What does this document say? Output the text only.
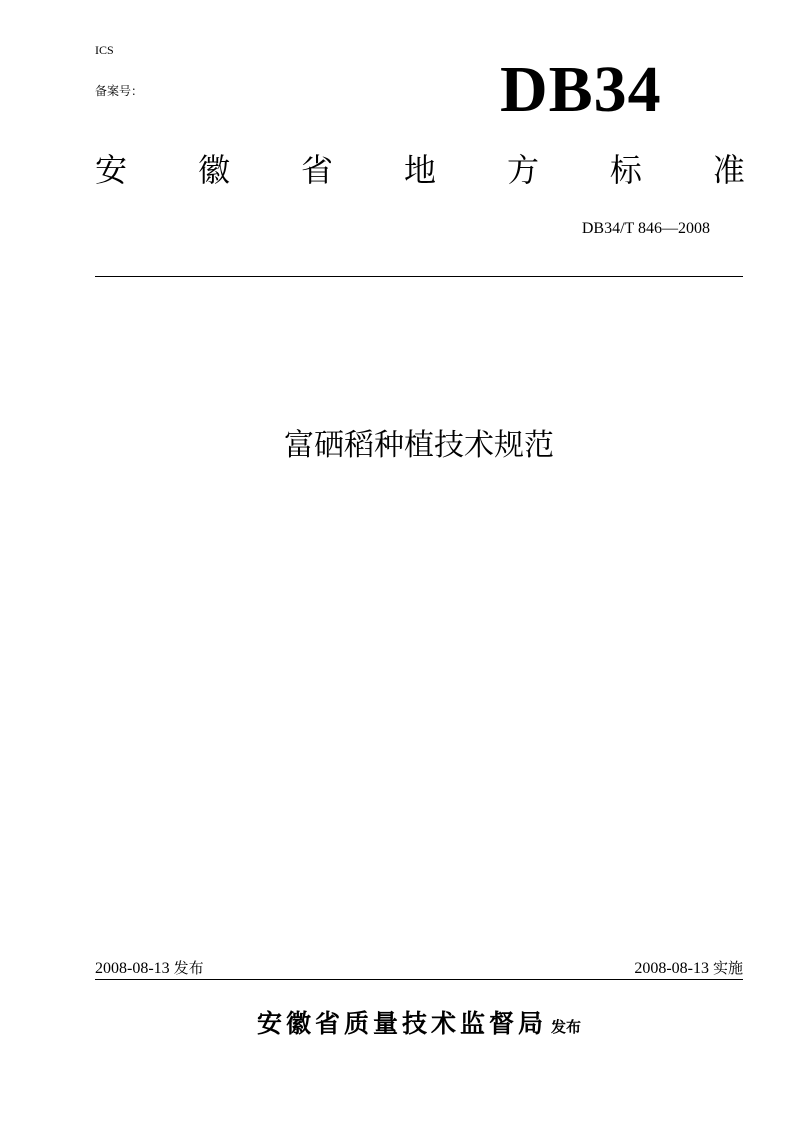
ICS
备案号：	DB34
安 徽 省 地 方 标 准
DB34/T 846—2008
富硒稻种植技术规范
2008-08-13 发布	2008-08-13 实施
安徽省质量技术监督局 发布
